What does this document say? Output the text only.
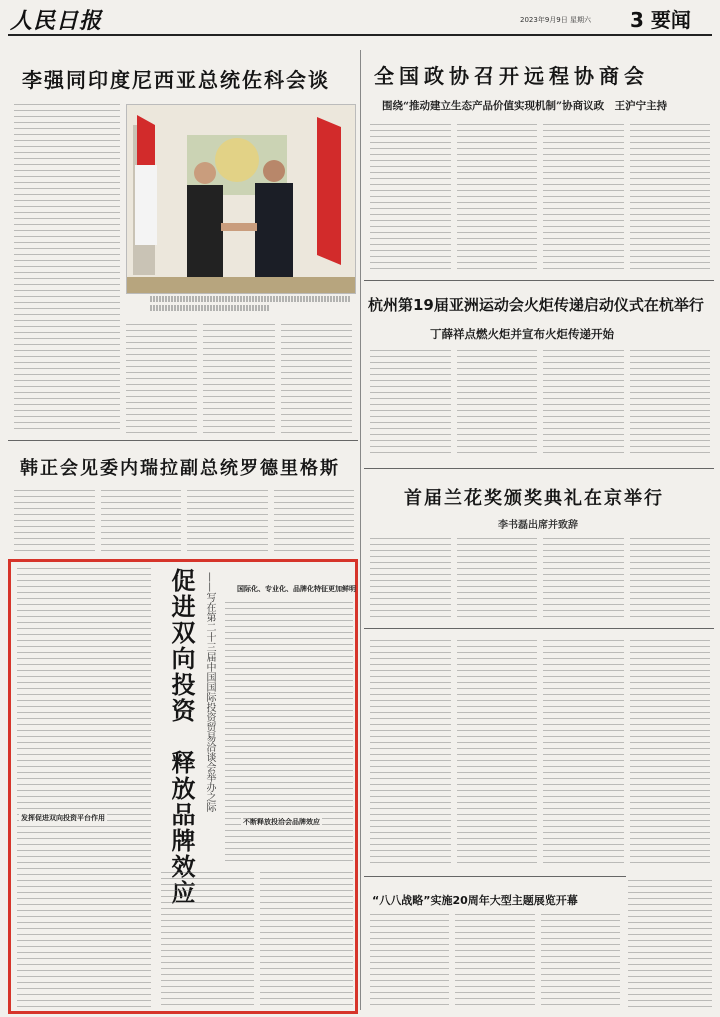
人民日报	2023年9月9日 星期六 3 要闻
李强同印度尼西亚总统佐科会谈
韩正会见委内瑞拉副总统罗德里格斯
促进双向投资　释放品牌效应 ——写在第二十三届中国国际投资贸易洽谈会举办之际	国际化、专业化、品牌化特征更加鲜明
发挥促进双向投资平台作用	不断释放投洽会品牌效应
全国政协召开远程协商会
围绕“推动建立生态产品价值实现机制”协商议政　王沪宁主持
杭州第19届亚洲运动会火炬传递启动仪式在杭举行
丁薛祥点燃火炬并宣布火炬传递开始
首届兰花奖颁奖典礼在京举行
李书磊出席并致辞
“八八战略”实施20周年大型主题展览开幕
